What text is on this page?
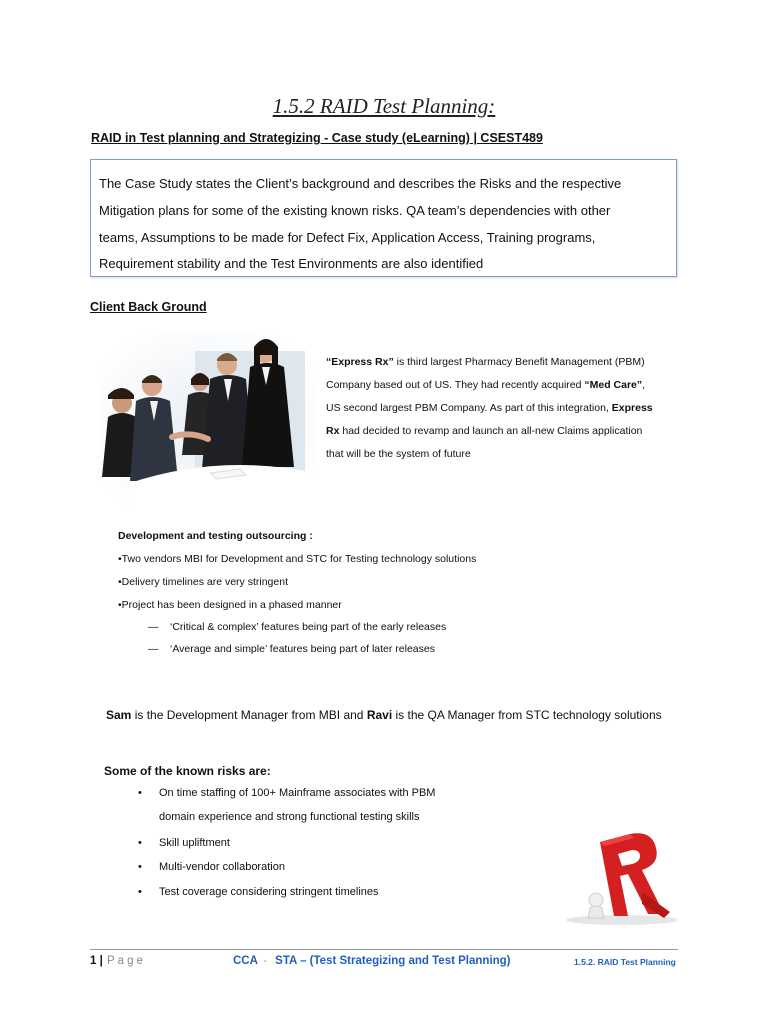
1.5.2 RAID Test Planning:
RAID in Test planning and Strategizing - Case study (eLearning) | CSEST489

The Case Study states the Client’s background and describes the Risks and the respective

Mitigation plans for some of the existing known risks. QA team’s dependencies with other

teams, Assumptions to be made for Defect Fix, Application Access, Training programs,

Requirement stability and the Test Environments are also identified

Client Back Ground
“Express Rx” is third largest Pharmacy Benefit Management (PBM)
Company based out of US. They had recently acquired “Med Care”,
US second largest PBM Company. As part of this integration, Express
Rx had decided to revamp and launch an all-new Claims application
that will be the system of future
Development and testing outsourcing :
•Two vendors MBI for Development and STC for Testing technology solutions
•Delivery timelines are very stringent
•Project has been designed in a phased manner
— ‘Critical & complex’ features being part of the early releases
— ‘Average and simple’ features being part of later releases
Sam is the Development Manager from MBI and Ravi is the QA Manager from STC technology solutions
Some of the known risks are:
• On time staffing of 100+ Mainframe associates with PBM
domain experience and strong functional testing skills
• Skill upliftment
• Multi-vendor collaboration
• Test coverage considering stringent timelines
1 | Page	CCA - STA – (Test Strategizing and Test Planning)	1.5.2. RAID Test Planning
